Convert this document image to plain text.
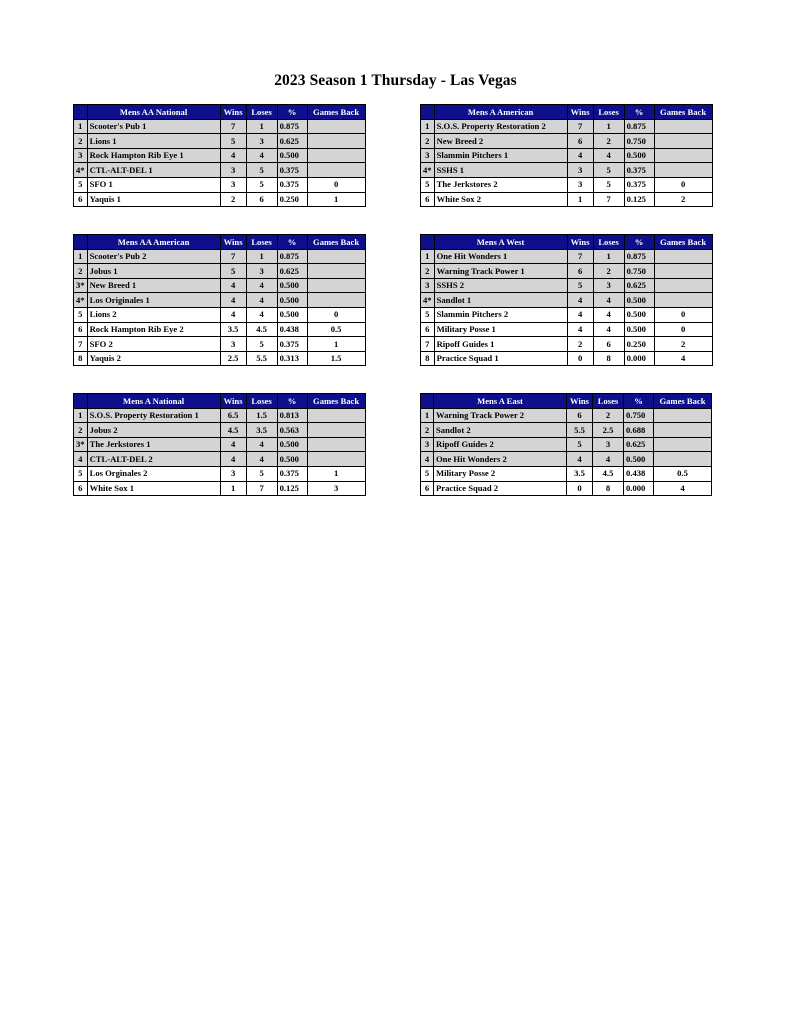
2023 Season 1 Thursday - Las Vegas
	Mens AA National	Wins	Loses	%	Games Back
1	Scooter's Pub 1	7	1	0.875	
2	Lions 1	5	3	0.625	
3	Rock Hampton Rib Eye 1	4	4	0.500	
4*	CTL-ALT-DEL 1	3	5	0.375	
5	SFO 1	3	5	0.375	0
6	Yaquis 1	2	6	0.250	1
	Mens A American	Wins	Loses	%	Games Back
1	S.O.S. Property Restoration 2	7	1	0.875	
2	New Breed 2	6	2	0.750	
3	Slammin Pitchers 1	4	4	0.500	
4*	SSHS 1	3	5	0.375	
5	The Jerkstores 2	3	5	0.375	0
6	White Sox 2	1	7	0.125	2
	Mens AA American	Wins	Loses	%	Games Back
1	Scooter's Pub 2	7	1	0.875	
2	Jobus 1	5	3	0.625	
3*	New Breed 1	4	4	0.500	
4*	Los Originales 1	4	4	0.500	
5	Lions 2	4	4	0.500	0
6	Rock Hampton Rib Eye 2	3.5	4.5	0.438	0.5
7	SFO 2	3	5	0.375	1
8	Yaquis 2	2.5	5.5	0.313	1.5
	Mens A West	Wins	Loses	%	Games Back
1	One Hit Wonders 1	7	1	0.875	
2	Warning Track Power 1	6	2	0.750	
3	SSHS 2	5	3	0.625	
4*	Sandlot 1	4	4	0.500	
5	Slammin Pitchers 2	4	4	0.500	0
6	Military Posse 1	4	4	0.500	0
7	Ripoff Guides 1	2	6	0.250	2
8	Practice Squad 1	0	8	0.000	4
	Mens A National	Wins	Loses	%	Games Back
1	S.O.S. Property Restoration 1	6.5	1.5	0.813	
2	Jobus 2	4.5	3.5	0.563	
3*	The Jerkstores 1	4	4	0.500	
4	CTL-ALT-DEL 2	4	4	0.500	
5	Los Orginales 2	3	5	0.375	1
6	White Sox 1	1	7	0.125	3
	Mens A East	Wins	Loses	%	Games Back
1	Warning Track Power 2	6	2	0.750	
2	Sandlot 2	5.5	2.5	0.688	
3	Ripoff Guides 2	5	3	0.625	
4	One Hit Wonders 2	4	4	0.500	
5	Military Posse 2	3.5	4.5	0.438	0.5
6	Practice Squad 2	0	8	0.000	4
